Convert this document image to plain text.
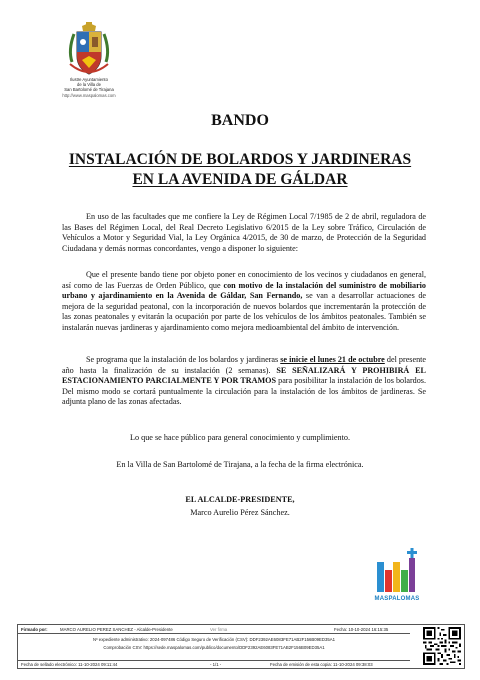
Ilustre Ayuntamiento
de la Villa de
San Bartolomé de Tirajana
http://www.maspalomas.com
BANDO
INSTALACIÓN DE BOLARDOS Y JARDINERAS
EN LA AVENIDA DE GÁLDAR
En uso de las facultades que me confiere la Ley de Régimen Local 7/1985 de 2 de abril, reguladora de las Bases del Régimen Local, del Real Decreto Legislativo 6/2015 de la Ley sobre Tráfico, Circulación de Vehículos a Motor y Seguridad Vial, la Ley Orgánica 4/2015, de 30 de marzo, de Protección de la Seguridad Ciudadana y demás normas concordantes, vengo a disponer lo siguiente:
Que el presente bando tiene por objeto poner en conocimiento de los vecinos y ciudadanos en general, así como de las Fuerzas de Orden Público, que con motivo de la instalación del suministro de mobiliario urbano y ajardinamiento en la Avenida de Gáldar, San Fernando, se van a desarrollar actuaciones de mejora de la seguridad peatonal, con la incorporación de nuevos bolardos que incrementarán la protección de las zonas peatonales y evitarán la ocupación por parte de los vehículos de los ámbitos peatonales. También se instalarán nuevas jardineras y ajardinamiento como mejora medioambiental del ámbito de intervención.
Se programa que la instalación de los bolardos y jardineras se inicie el lunes 21 de octubre del presente año hasta la finalización de su instalación (2 semanas). SE SEÑALIZARÁ Y PROHIBIRÁ EL ESTACIONAMIENTO PARCIALMENTE Y POR TRAMOS para posibilitar la instalación de los bolardos. Del mismo modo se cortará puntualmente la circulación para la instalación de los ámbitos de jardineras. Se adjunta plano de las zonas afectadas.
Lo que se hace público para general conocimiento y cumplimiento.
En la Villa de San Bartolomé de Tirajana, a la fecha de la firma electrónica.
EL ALCALDE-PRESIDENTE,
Marco Aurelio Pérez Sánchez.
MASPALOMAS
Firmado por:	MARCO AURELIO PEREZ SANCHEZ - Alcalde-Presidente	Ver firma	Fecha: 10-10-2024 16:15:35
Nº expediente administrativo: 2024-097486 Código Seguro de Verificación (CSV): DDF2392AE6083FE71AB2F156B09ED35A1
Comprobación CSV: https://sede.maspalomas.com/publico/documento/DDF2392AE6083FE71AB2F156B09ED35A1
Fecha de sellado electrónico: 11-10-2024 09:11:44	- 1/1 -	Fecha de emisión de esta copia: 11-10-2024 09:38:03
